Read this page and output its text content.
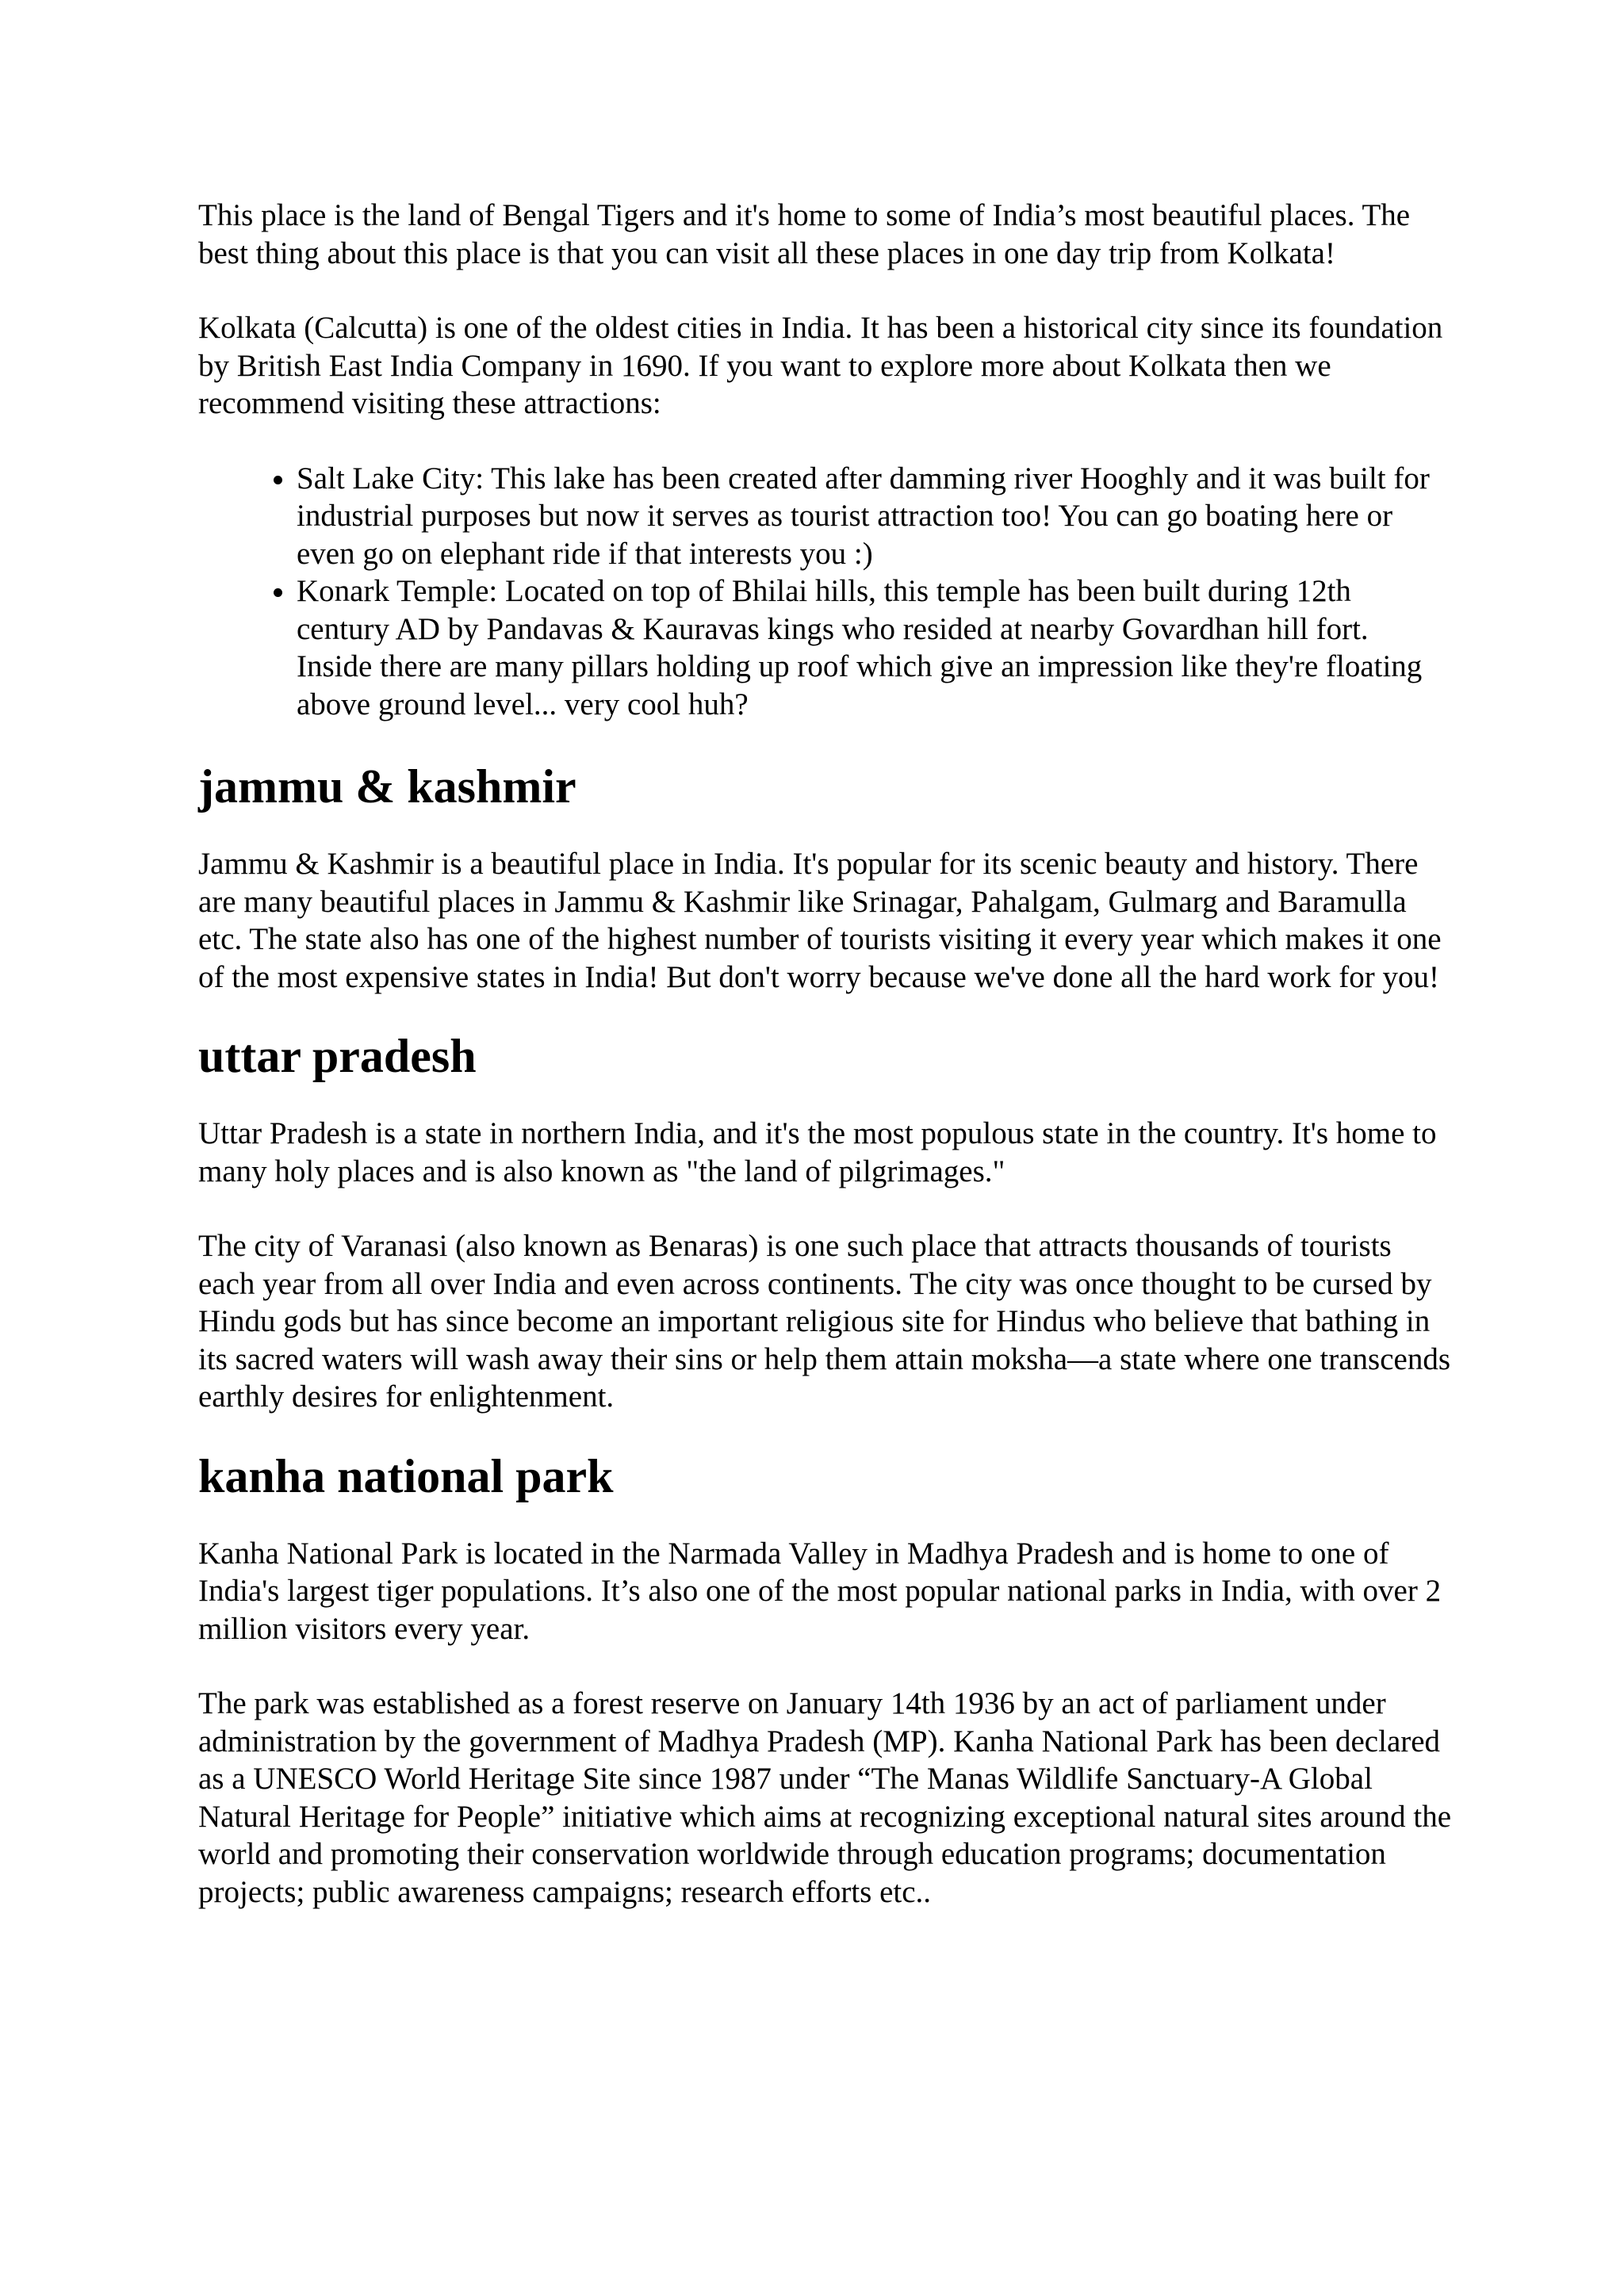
This place is the land of Bengal Tigers and it's home to some of India’s most beautiful places. The best thing about this place is that you can visit all these places in one day trip from Kolkata!

Kolkata (Calcutta) is one of the oldest cities in India. It has been a historical city since its foundation by British East India Company in 1690. If you want to explore more about Kolkata then we recommend visiting these attractions:

• Salt Lake City: This lake has been created after damming river Hooghly and it was built for industrial purposes but now it serves as tourist attraction too! You can go boating here or even go on elephant ride if that interests you :)
• Konark Temple: Located on top of Bhilai hills, this temple has been built during 12th century AD by Pandavas & Kauravas kings who resided at nearby Govardhan hill fort. Inside there are many pillars holding up roof which give an impression like they're floating above ground level... very cool huh?
jammu & kashmir

Jammu & Kashmir is a beautiful place in India. It's popular for its scenic beauty and history. There are many beautiful places in Jammu & Kashmir like Srinagar, Pahalgam, Gulmarg and Baramulla etc. The state also has one of the highest number of tourists visiting it every year which makes it one of the most expensive states in India! But don't worry because we've done all the hard work for you!

uttar pradesh

Uttar Pradesh is a state in northern India, and it's the most populous state in the country. It's home to many holy places and is also known as "the land of pilgrimages."

The city of Varanasi (also known as Benaras) is one such place that attracts thousands of tourists each year from all over India and even across continents. The city was once thought to be cursed by Hindu gods but has since become an important religious site for Hindus who believe that bathing in its sacred waters will wash away their sins or help them attain moksha—a state where one transcends earthly desires for enlightenment.

kanha national park

Kanha National Park is located in the Narmada Valley in Madhya Pradesh and is home to one of India's largest tiger populations. It’s also one of the most popular national parks in India, with over 2 million visitors every year.

The park was established as a forest reserve on January 14th 1936 by an act of parliament under administration by the government of Madhya Pradesh (MP). Kanha National Park has been declared as a UNESCO World Heritage Site since 1987 under “The Manas Wildlife Sanctuary-A Global Natural Heritage for People” initiative which aims at recognizing exceptional natural sites around the world and promoting their conservation worldwide through education programs; documentation projects; public awareness campaigns; research efforts etc..
